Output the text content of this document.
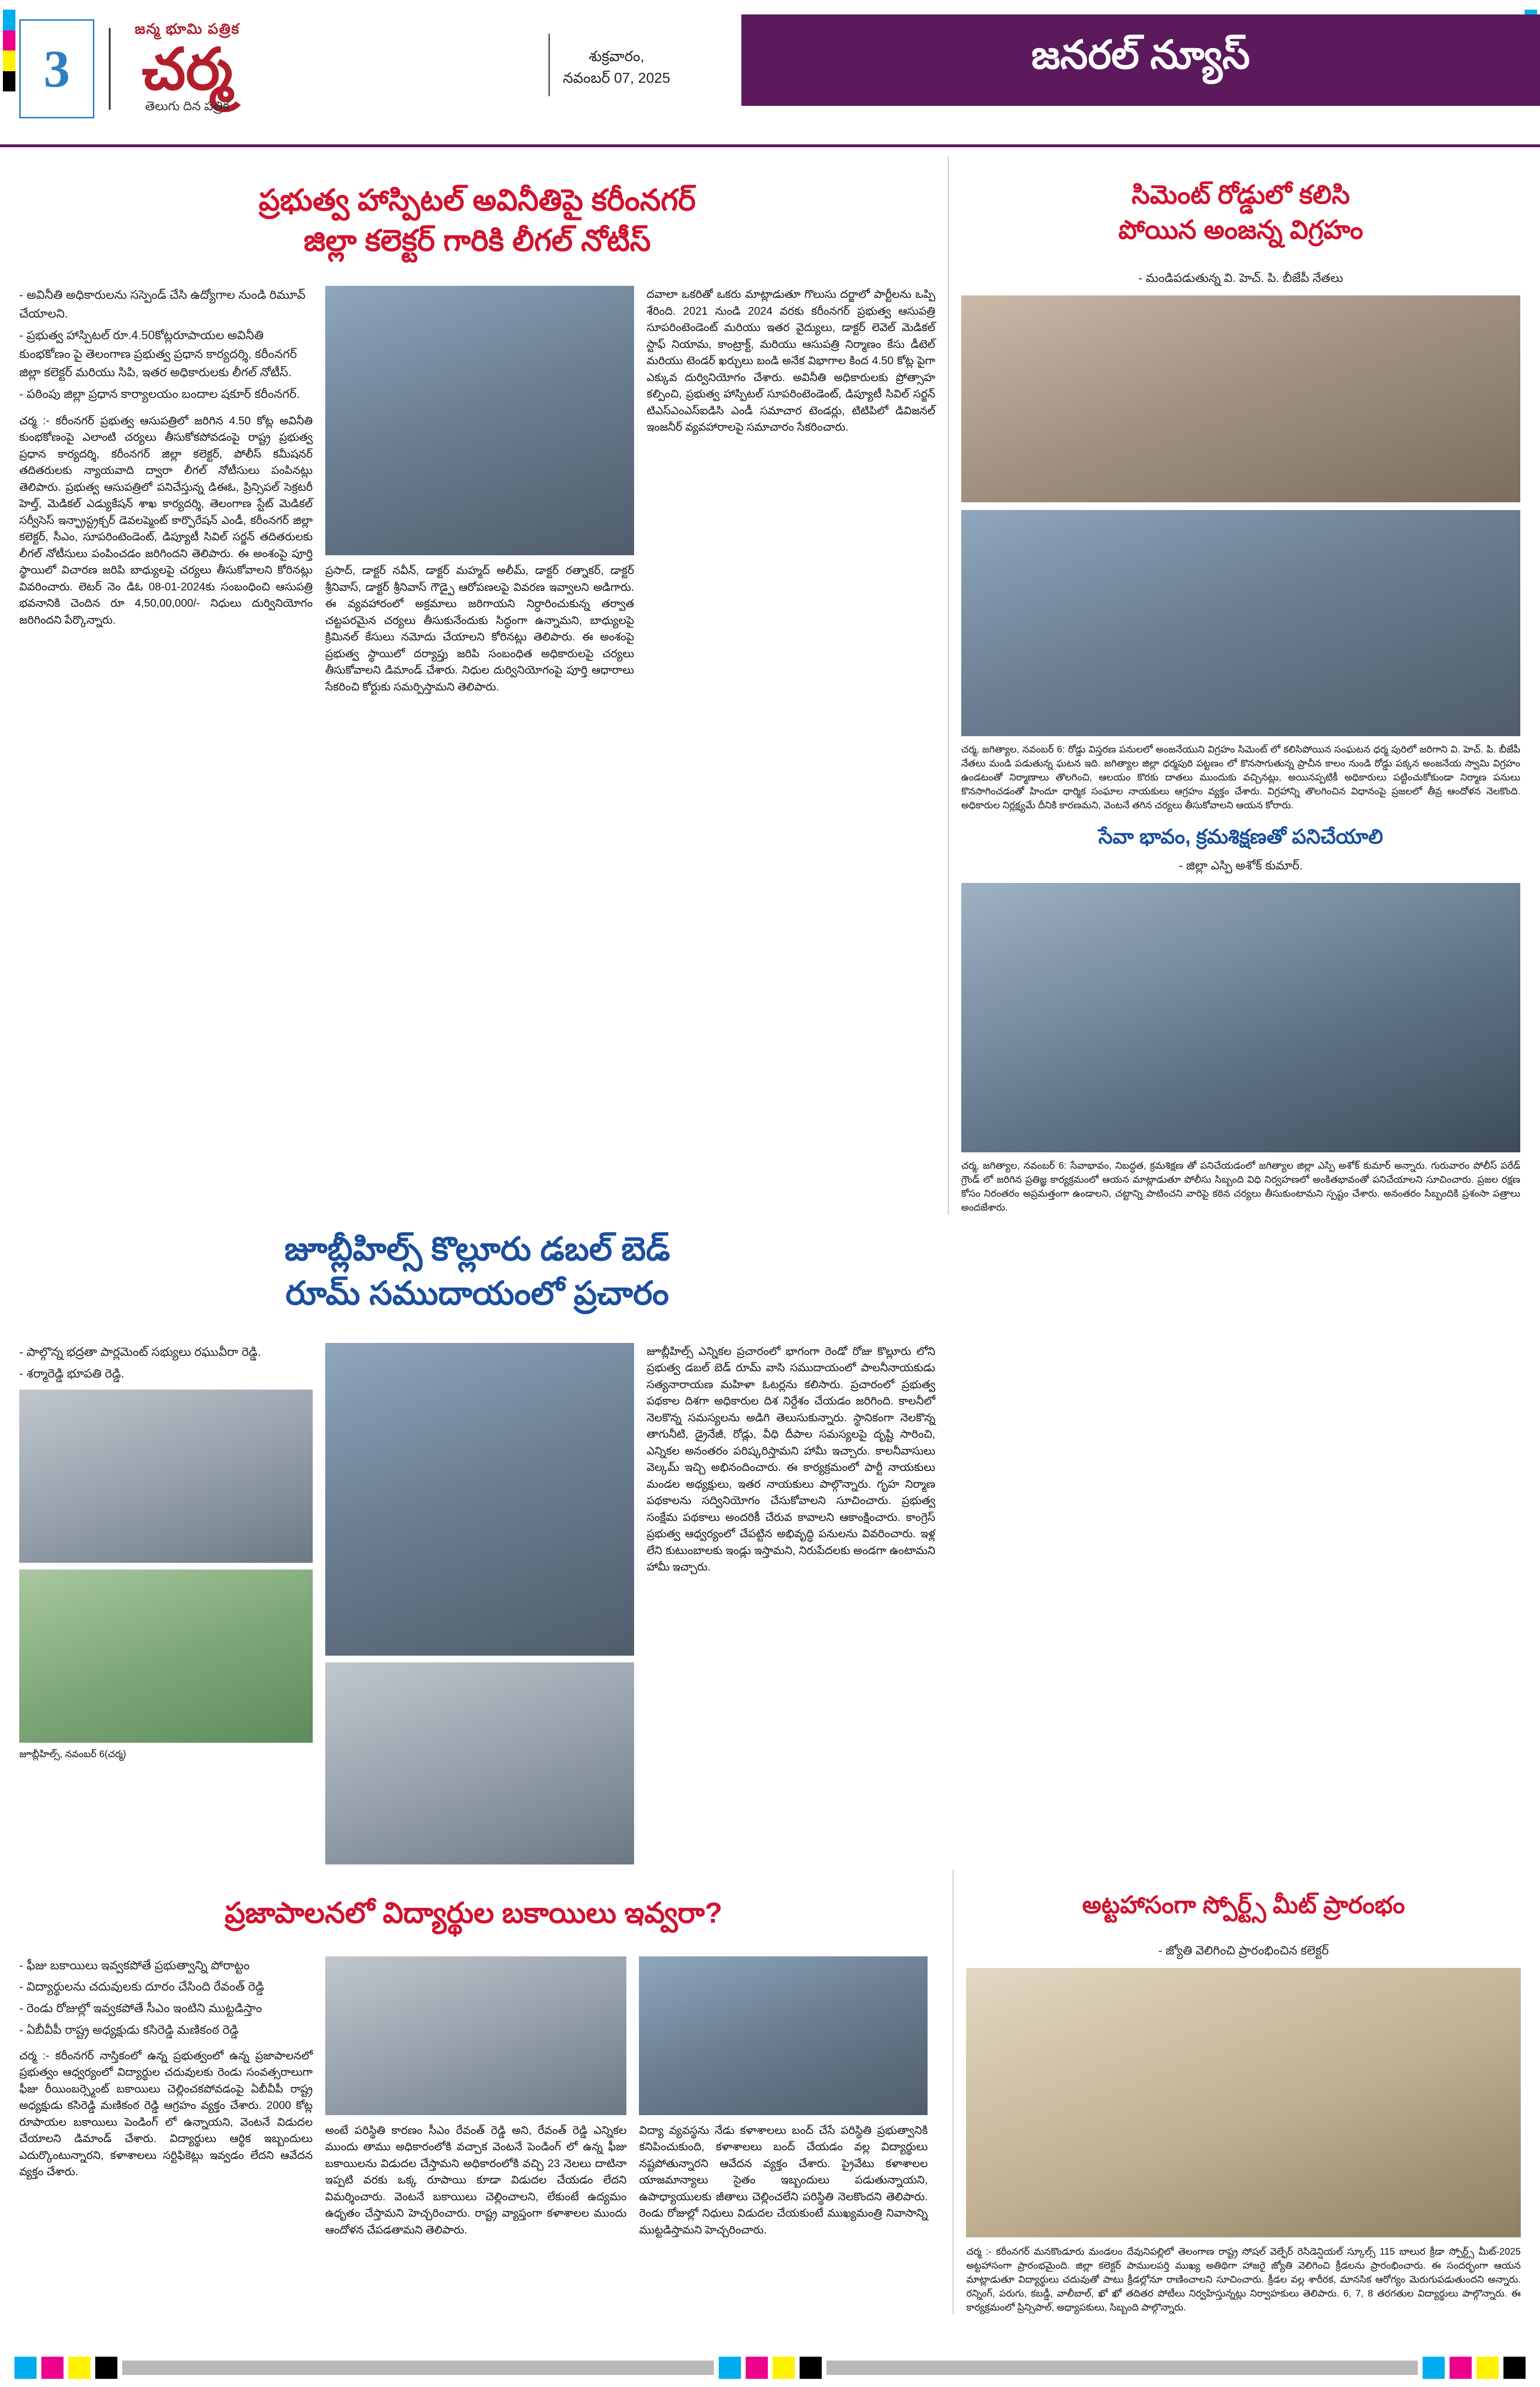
3
జన్మ భూమి పత్రిక
చర్మ
తెలుగు దిన పత్రిక
శుక్రవారం,
నవంబర్ 07, 2025
జనరల్ న్యూస్
ప్రభుత్వ హాస్పిటల్ అవినీతిపై కరీంనగర్
జిల్లా కలెక్టర్ గారికి లీగల్ నోటీస్
- అవినీతి అధికారులను సస్పెండ్ చేసి ఉద్యోగాల నుండి రిమూవ్ చేయాలని.
- ప్రభుత్వ హాస్పిటల్ రూ.4.50కోట్లరూపాయల అవినీతి కుంభకోణం పై తెలంగాణ ప్రభుత్వ ప్రధాన కార్యదర్శి, కరీంనగర్ జిల్లా కలెక్టర్ మరియు సిపి, ఇతర అధికారులకు లీగల్ నోటీస్.
- పఠింపు జిల్లా ప్రధాన కార్యాలయం బందాల షకూర్ కరీంనగర్.
చర్మ :- కరీంనగర్ ప్రభుత్వ ఆసుపత్రిలో జరిగిన 4.50 కోట్ల అవినీతి కుంభకోణంపై ఎలాంటి చర్యలు తీసుకోకపోవడంపై రాష్ట్ర ప్రభుత్వ ప్రధాన కార్యదర్శి, కరీంనగర్ జిల్లా కలెక్టర్, పోలీస్ కమీషనర్ తదితరులకు న్యాయవాది ద్వారా లీగల్ నోటీసులు పంపినట్లు తెలిపారు. ప్రభుత్వ ఆసుపత్రిలో పనిచేస్తున్న డిఈఓ, ప్రిన్సిపల్ సెక్రటరీ హెల్త్, మెడికల్ ఎడ్యుకేషన్ శాఖ కార్యదర్శి, తెలంగాణ స్టేట్ మెడికల్ సర్వీసెస్ ఇన్ఫ్రాస్ట్రక్చర్ డెవలప్మెంట్ కార్పొరేషన్ ఎండీ, కరీంనగర్ జిల్లా కలెక్టర్, సీఎం, సూపరింటెండెంట్, డిప్యూటీ సివిల్ సర్జన్ తదితరులకు లీగల్ నోటీసులు పంపించడం జరిగిందని తెలిపారు. ఈ అంశంపై పూర్తి స్థాయిలో విచారణ జరిపి బాధ్యులపై చర్యలు తీసుకోవాలని కోరినట్లు వివరించారు. లెటర్ నెం డిఓ 08-01-2024కు సంబంధించి ఆసుపత్రి భవనానికి చెందిన రూ 4,50,00,000/- నిధులు దుర్వినియోగం జరిగిందని పేర్కొన్నారు.
ప్రసాద్, డాక్టర్ నవీన్, డాక్టర్ మహ్మద్ అలీమ్, డాక్టర్ రత్నాకర్, డాక్టర్ శ్రీనివాస్, డాక్టర్ శ్రీనివాస్ గౌడ్పై ఆరోపణలపై వివరణ ఇవ్వాలని అడిగారు. ఈ వ్యవహారంలో అక్రమాలు జరిగాయని నిర్ధారించుకున్న తర్వాత చట్టపరమైన చర్యలు తీసుకునేందుకు సిద్ధంగా ఉన్నామని, బాధ్యులపై క్రిమినల్ కేసులు నమోదు చేయాలని కోరినట్లు తెలిపారు. ఈ అంశంపై ప్రభుత్వ స్థాయిలో దర్యాప్తు జరిపి సంబంధిత అధికారులపై చర్యలు తీసుకోవాలని డిమాండ్ చేశారు. నిధుల దుర్వినియోగంపై పూర్తి ఆధారాలు సేకరించి కోర్టుకు సమర్పిస్తామని తెలిపారు.
దవాలా ఒకరితో ఒకరు మాట్లాడుతూ గొలుసు దర్జాలో పార్టీలను ఒప్పి శేరింది. 2021 నుండి 2024 వరకు కరీంనగర్ ప్రభుత్వ ఆసుపత్రి సూపరింటెండెంట్ మరియు ఇతర వైద్యులు, డాక్టర్ లెవెల్ మెడికల్ స్టాఫ్ నియామ, కాంట్రాక్ట్, మరియు ఆసుపత్రి నిర్మాణం కేసు డీటెల్ మరియు టెండర్ ఖర్చులు బండి అనేక విభాగాల కింద 4.50 కోట్ల పైగా ఎక్కువ దుర్వినియోగం చేశారు. అవినీతి అధికారులకు ప్రోత్సాహ కల్పించి, ప్రభుత్వ హాస్పిటల్ సూపరింటెండెంట్, డిప్యూటీ సివిల్ సర్జన్ టిఎస్ఎంఎస్ఐడిసి ఎండీ సమాచార టెండర్లు, టిటిపిలో డివిజనల్ ఇంజనీర్ వ్యవహారాలపై సమాచారం సేకరించారు.
సిమెంట్ రోడ్డులో కలిసి
పోయిన అంజన్న విగ్రహం
- మండిపడుతున్న వి. హెచ్. పి. బీజేపీ నేతలు
చర్మ, జగిత్యాల, నవంబర్ 6: రోడ్డు విస్తరణ పనులలో అంజనేయుని విగ్రహం సిమెంట్ లో కలిసిపోయిన సంఘటన ధర్మ పురిలో జరిగాని వి. హెచ్. పి. బీజేపీ నేతలు మండి పడుతున్న ఘటన ఇది. జగిత్యాల జిల్లా ధర్మపురి పట్టణం లో కొనసాగుతున్న ప్రాచీన కాలం నుండి రోడ్డు పక్కన అంజనేయ స్వామి విగ్రహం ఉండటంతో నిర్మాణాలు తొలగించి, ఆలయం కొరకు దాతలు ముందుకు వచ్చినట్లు, అయినప్పటికీ అధికారులు పట్టించుకోకుండా నిర్మాణ పనులు కొనసాగించడంతో హిందూ ధార్మిక సంఘాల నాయకులు ఆగ్రహం వ్యక్తం చేశారు. విగ్రహాన్ని తొలగించిన విధానంపై ప్రజలలో తీవ్ర ఆందోళన నెలకొంది. అధికారుల నిర్లక్ష్యమే దీనికి కారణమని, వెంటనే తగిన చర్యలు తీసుకోవాలని ఆయన కోరారు.
సేవా భావం, క్రమశిక్షణతో పనిచేయాలి
- జిల్లా ఎస్పి అశోక్ కుమార్.
చర్మ, జగిత్యాల, నవంబర్ 6: సేవాభావం, నిబద్ధత, క్రమశిక్షణ తో పనిచేయడంలో జగిత్యాల జిల్లా ఎస్పి అశోక్ కుమార్ అన్నారు. గురువారం పోలీస్ పరేడ్ గ్రౌండ్ లో జరిగిన ప్రతిజ్ఞ కార్యక్రమంలో ఆయన మాట్లాడుతూ పోలీసు సిబ్బంది విధి నిర్వహణలో అంకితభావంతో పనిచేయాలని సూచించారు. ప్రజల రక్షణ కోసం నిరంతరం అప్రమత్తంగా ఉండాలని, చట్టాన్ని పాటించని వారిపై కఠిన చర్యలు తీసుకుంటామని స్పష్టం చేశారు. అనంతరం సిబ్బందికి ప్రశంసా పత్రాలు అందజేశారు.
జూబ్లీహిల్స్ కొల్లూరు డబల్ బెడ్
రూమ్ సముదాయంలో ప్రచారం
- పాల్గొన్న భ‌ద్ర‌తా పార్ల‌మెంట్ స‌భ్యులు రఘువీరా రెడ్డి.
- శర్మారెడ్డి భూపతి రెడ్డి.
జూబ్లీహిల్స్, నవంబర్ 6(చర్మ)
జూబ్లీహిల్స్ ఎన్నికల ప్రచారంలో భాగంగా రెండో రోజు కొల్లూరు లోని ప్రభుత్వ డబల్ బెడ్ రూమ్ వాసి సముదాయంలో పాలనీనాయకుడు సత్యనారాయణ మహిళా ఓటర్లను కలిసారు. ప్రచారంలో ప్రభుత్వ పథకాల దిశగా అధికారుల దిశ నిర్దేశం చేయడం జరిగింది. కాలనీలో నెలకొన్న సమస్యలను అడిగి తెలుసుకున్నారు. స్థానికంగా నెలకొన్న తాగునీటి, డ్రైనేజీ, రోడ్లు, వీధి దీపాల సమస్యలపై దృష్టి సారించి, ఎన్నికల అనంతరం పరిష్కరిస్తామని హామీ ఇచ్చారు. కాలనీవాసులు వెల్కమ్ ఇచ్చి అభినందించారు. ఈ కార్యక్రమంలో పార్టీ నాయకులు మండల అధ్యక్షులు, ఇతర నాయకులు పాల్గొన్నారు. గృహ నిర్మాణ పథకాలను సద్వినియోగం చేసుకోవాలని సూచించారు. ప్రభుత్వ సంక్షేమ పథకాలు అందరికీ చేరువ కావాలని ఆకాంక్షించారు. కాంగ్రెస్ ప్రభుత్వ ఆధ్వర్యంలో చేపట్టిన అభివృద్ధి పనులను వివరించారు. ఇళ్ల లేని కుటుంబాలకు ఇండ్లు ఇస్తామని, నిరుపేదలకు అండగా ఉంటామని హామీ ఇచ్చారు.
ప్రజాపాలనలో విద్యార్థుల బకాయిలు ఇవ్వరా?
- ఫీజు బకాయిలు ఇవ్వకపోతే ప్రభుత్వాన్ని పోరాట్టం
- విద్యార్థులను చదువులకు దూరం చేసింది రేవంత్ రెడ్డి
- రెండు రోజుల్లో ఇవ్వకపోతే సీఎం ఇంటిని ముట్టడిస్తాం
- ఏబీవీపీ రాష్ట్ర అధ్యక్షుడు కసిరెడ్డి మణికంఠ రెడ్డి
చర్మ :- కరీంనగర్ నాస్తికంలో ఉన్న ప్రభుత్వంలో ఉన్న ప్రజాపాలనలో ప్రభుత్వం ఆధ్వర్యంలో విద్యార్థుల చదువులకు రెండు సంవత్సరాలుగా ఫీజు రీయింబర్స్మెంట్ బకాయిలు చెల్లించకపోవడంపై ఏబీవీపీ రాష్ట్ర అధ్యక్షుడు కసిరెడ్డి మణికంఠ రెడ్డి ఆగ్రహం వ్యక్తం చేశారు. 2000 కోట్ల రూపాయల బకాయిలు పెండింగ్ లో ఉన్నాయని, వెంటనే విడుదల చేయాలని డిమాండ్ చేశారు. విద్యార్థులు ఆర్థిక ఇబ్బందులు ఎదుర్కొంటున్నారని, కళాశాలలు సర్టిఫికెట్లు ఇవ్వడం లేదని ఆవేదన వ్యక్తం చేశారు.
అంటే పరిస్థితి కారణం సీఎం రేవంత్ రెడ్డి అని, రేవంత్ రెడ్డి ఎన్నికల ముందు తాము అధికారంలోకి వచ్చాక వెంటనే పెండింగ్ లో ఉన్న ఫీజు బకాయిలను విడుదల చేస్తామని అధికారంలోకి వచ్చి 23 నెలలు దాటినా ఇప్పటి వరకు ఒక్క రూపాయి కూడా విడుదల చేయడం లేదని విమర్శించారు. వెంటనే బకాయిలు చెల్లించాలని, లేకుంటే ఉద్యమం ఉధృతం చేస్తామని హెచ్చరించారు. రాష్ట్ర వ్యాప్తంగా కళాశాలల ముందు ఆందోళన చేపడతామని తెలిపారు.
విద్యా వ్యవస్థను నేడు కళాశాలలు బంద్ చేసే పరిస్థితి ప్రభుత్వానికి కనిపించుకుంది, కళాశాలలు బంద్ చేయడం వల్ల విద్యార్థులు నష్టపోతున్నారని ఆవేదన వ్యక్తం చేశారు. ప్రైవేటు కళాశాలల యాజమాన్యాలు సైతం ఇబ్బందులు పడుతున్నాయని, ఉపాధ్యాయులకు జీతాలు చెల్లించలేని పరిస్థితి నెలకొందని తెలిపారు. రెండు రోజుల్లో నిధులు విడుదల చేయకుంటే ముఖ్యమంత్రి నివాసాన్ని ముట్టడిస్తామని హెచ్చరించారు.
అట్టహాసంగా స్పోర్ట్స్ మీట్ ప్రారంభం
- జ్యోతి వెలిగించి ప్రారంభించిన కలెక్టర్
చర్మ :- కరీంనగర్ మనకొండూరు మండలం దేవునిపల్లిలో తెలంగాణ రాష్ట్ర సోషల్ వెల్ఫేర్ రెసిడెన్షియల్ స్కూల్స్ 115 బాలుర క్రీడా స్పోర్ట్స్ మీట్-2025 అట్టహాసంగా ప్రారంభమైంది. జిల్లా కలెక్టర్ పాములపర్తి ముఖ్య అతిథిగా హాజరై జ్యోతి వెలిగించి క్రీడలను ప్రారంభించారు. ఈ సందర్భంగా ఆయన మాట్లాడుతూ విద్యార్థులు చదువుతో పాటు క్రీడల్లోనూ రాణించాలని సూచించారు. క్రీడల వల్ల శారీరక, మానసిక ఆరోగ్యం మెరుగుపడుతుందని అన్నారు. రన్నింగ్, పరుగు, కబడ్డీ, వాలీబాల్, ఖో ఖో తదితర పోటీలు నిర్వహిస్తున్నట్లు నిర్వాహకులు తెలిపారు. 6, 7, 8 తరగతుల విద్యార్థులు పాల్గొన్నారు. ఈ కార్యక్రమంలో ప్రిన్సిపాల్, అధ్యాపకులు, సిబ్బంది పాల్గొన్నారు.
